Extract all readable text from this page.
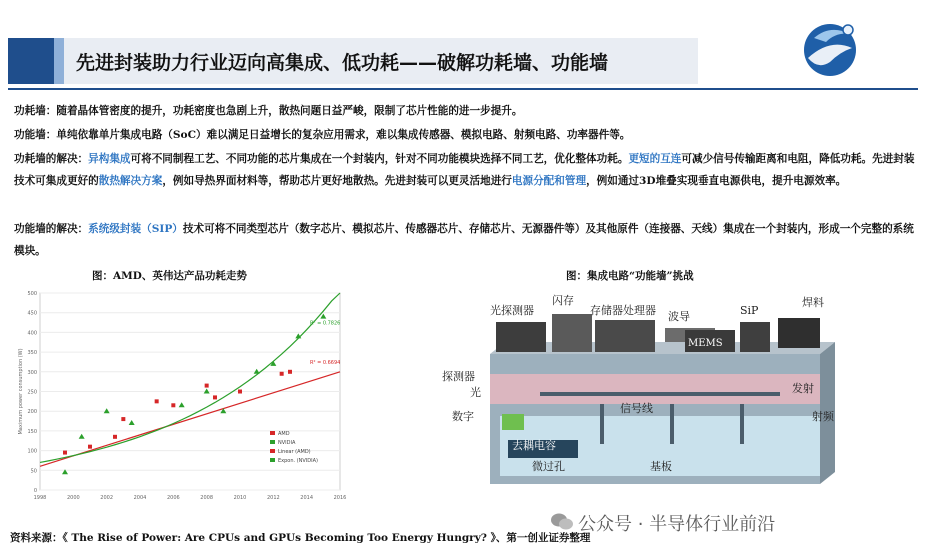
先进封装助力行业迈向高集成、低功耗——破解功耗墙、功能墙
功耗墙：随着晶体管密度的提升，功耗密度也急剧上升，散热问题日益严峻，限制了芯片性能的进一步提升。
功能墙：单纯依靠单片集成电路（SoC）难以满足日益增长的复杂应用需求，难以集成传感器、模拟电路、射频电路、功率器件等。
功耗墙的解决：异构集成可将不同制程工艺、不同功能的芯片集成在一个封装内，针对不同功能模块选择不同工艺，优化整体功耗。更短的互连可减少信号传输距离和电阻，降低功耗。先进封装技术可集成更好的散热解决方案，例如导热界面材料等，帮助芯片更好地散热。先进封装可以更灵活地进行电源分配和管理，例如通过3D堆叠实现垂直电源供电，提升电源效率。
功能墙的解决：系统级封装（SIP）技术可将不同类型芯片（数字芯片、模拟芯片、传感器芯片、存储芯片、无源器件等）及其他原件（连接器、天线）集成在一个封装内，形成一个完整的系统模块。
图：AMD、英伟达产品功耗走势	图：集成电路“功能墙”挑战
0
50
100
150
200
250
300
350
400
450
500
1998	2000	2002	2004	2006	2008	2010	2012	2014	2016
Maximum power consumption (W)
R² = 0.7826
R² = 0.6694
AMD
NVIDIA
Linear (AMD)
Expon. (NVIDIA)
闪存
光探测器	存储器处理器 波导
MEMS
SiP
焊料
探测器
光	发射
数字
信号线
射频
去耦电容
微过孔	基板
资料来源：《 The Rise of Power: Are CPUs and GPUs Becoming Too Energy Hungry? 》、第一创业证券整理
公众号 · 半导体行业前沿
